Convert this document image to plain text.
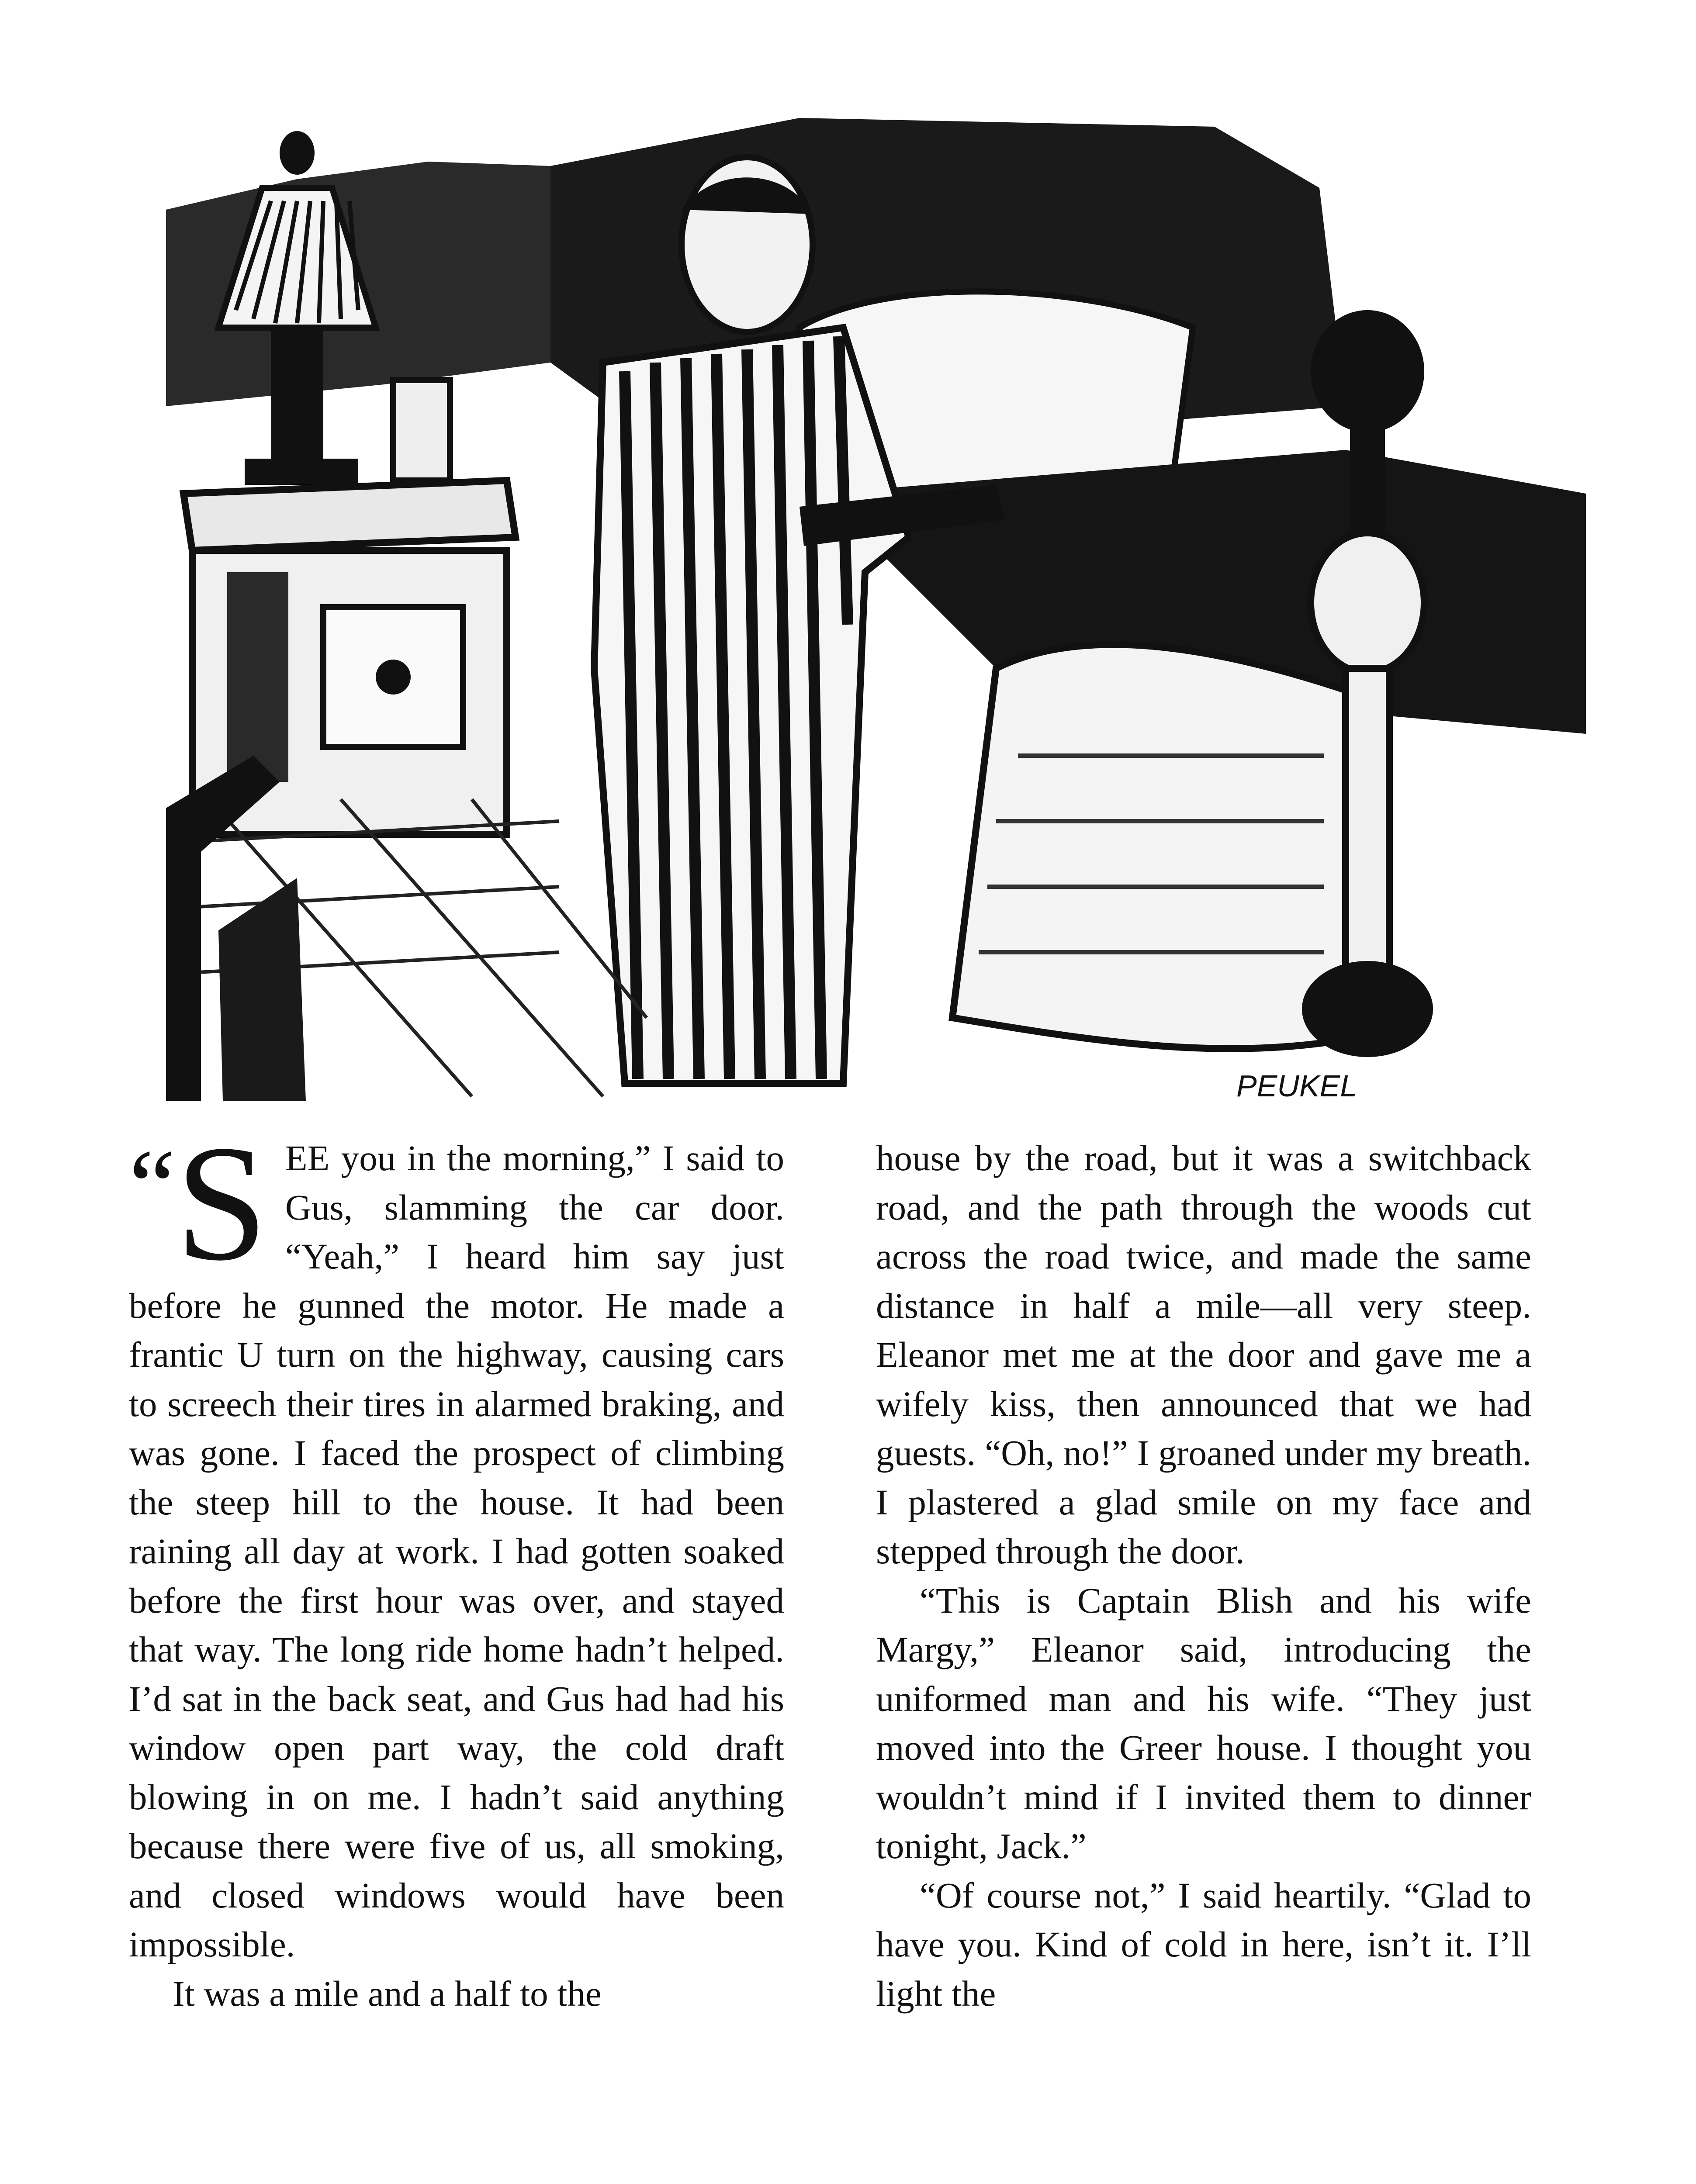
PEUKEL

“S EE you in the morning,” I said to Gus, slamming the car door. “Yeah,” I heard him say just before he gunned the motor. He made a frantic U turn on the highway, causing cars to screech their tires in alarmed braking, and was gone. I faced the prospect of climbing the steep hill to the house. It had been raining all day at work. I had gotten soaked before the first hour was over, and stayed that way. The long ride home hadn’t helped. I’d sat in the back seat, and Gus had had his window open part way, the cold draft blowing in on me. I hadn’t said anything because there were five of us, all smoking, and closed windows would have been impossible.

It was a mile and a half to the

house by the road, but it was a switchback road, and the path through the woods cut across the road twice, and made the same distance in half a mile—all very steep. Eleanor met me at the door and gave me a wifely kiss, then announced that we had guests. “Oh, no!” I groaned under my breath. I plastered a glad smile on my face and stepped through the door.

“This is Captain Blish and his wife Margy,” Eleanor said, introducing the uniformed man and his wife. “They just moved into the Greer house. I thought you wouldn’t mind if I invited them to dinner tonight, Jack.”

“Of course not,” I said heartily. “Glad to have you. Kind of cold in here, isn’t it. I’ll light the
